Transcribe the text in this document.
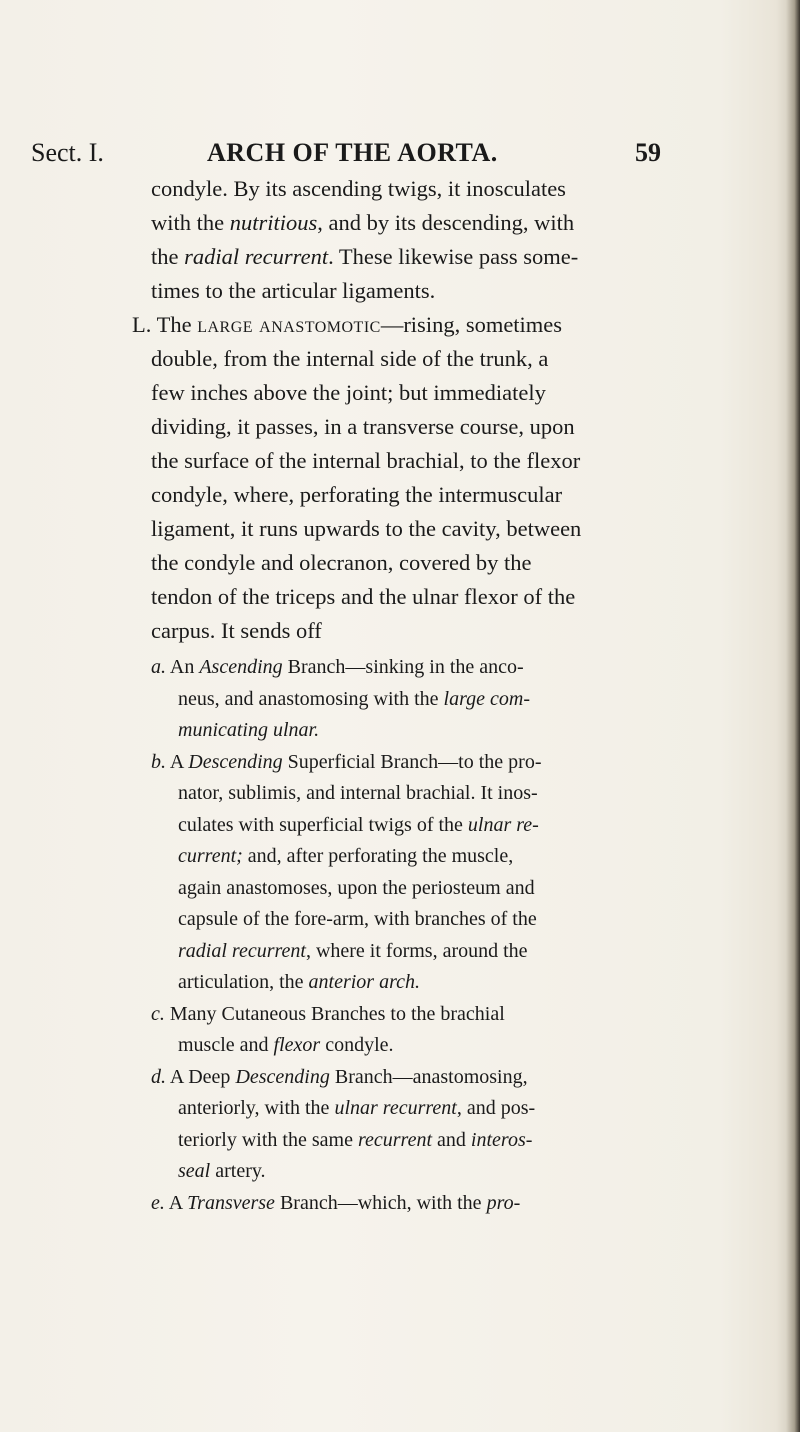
Sect. I.	ARCH OF THE AORTA.	59
condyle. By its ascending twigs, it inosculates
with the nutritious, and by its descending, with
the radial recurrent. These likewise pass some-
times to the articular ligaments.
L. The large anastomotic—rising, sometimes
double, from the internal side of the trunk, a
few inches above the joint; but immediately
dividing, it passes, in a transverse course, upon
the surface of the internal brachial, to the flexor
condyle, where, perforating the intermuscular
ligament, it runs upwards to the cavity, between
the condyle and olecranon, covered by the
tendon of the triceps and the ulnar flexor of the
carpus. It sends off
a. An Ascending Branch—sinking in the anco-
neus, and anastomosing with the large com-
municating ulnar.
b. A Descending Superficial Branch—to the pro-
nator, sublimis, and internal brachial. It inos-
culates with superficial twigs of the ulnar re-
current; and, after perforating the muscle,
again anastomoses, upon the periosteum and
capsule of the fore-arm, with branches of the
radial recurrent, where it forms, around the
articulation, the anterior arch.
c. Many Cutaneous Branches to the brachial
muscle and flexor condyle.
d. A Deep Descending Branch—anastomosing,
anteriorly, with the ulnar recurrent, and pos-
teriorly with the same recurrent and interos-
seal artery.
e. A Transverse Branch—which, with the pro-
